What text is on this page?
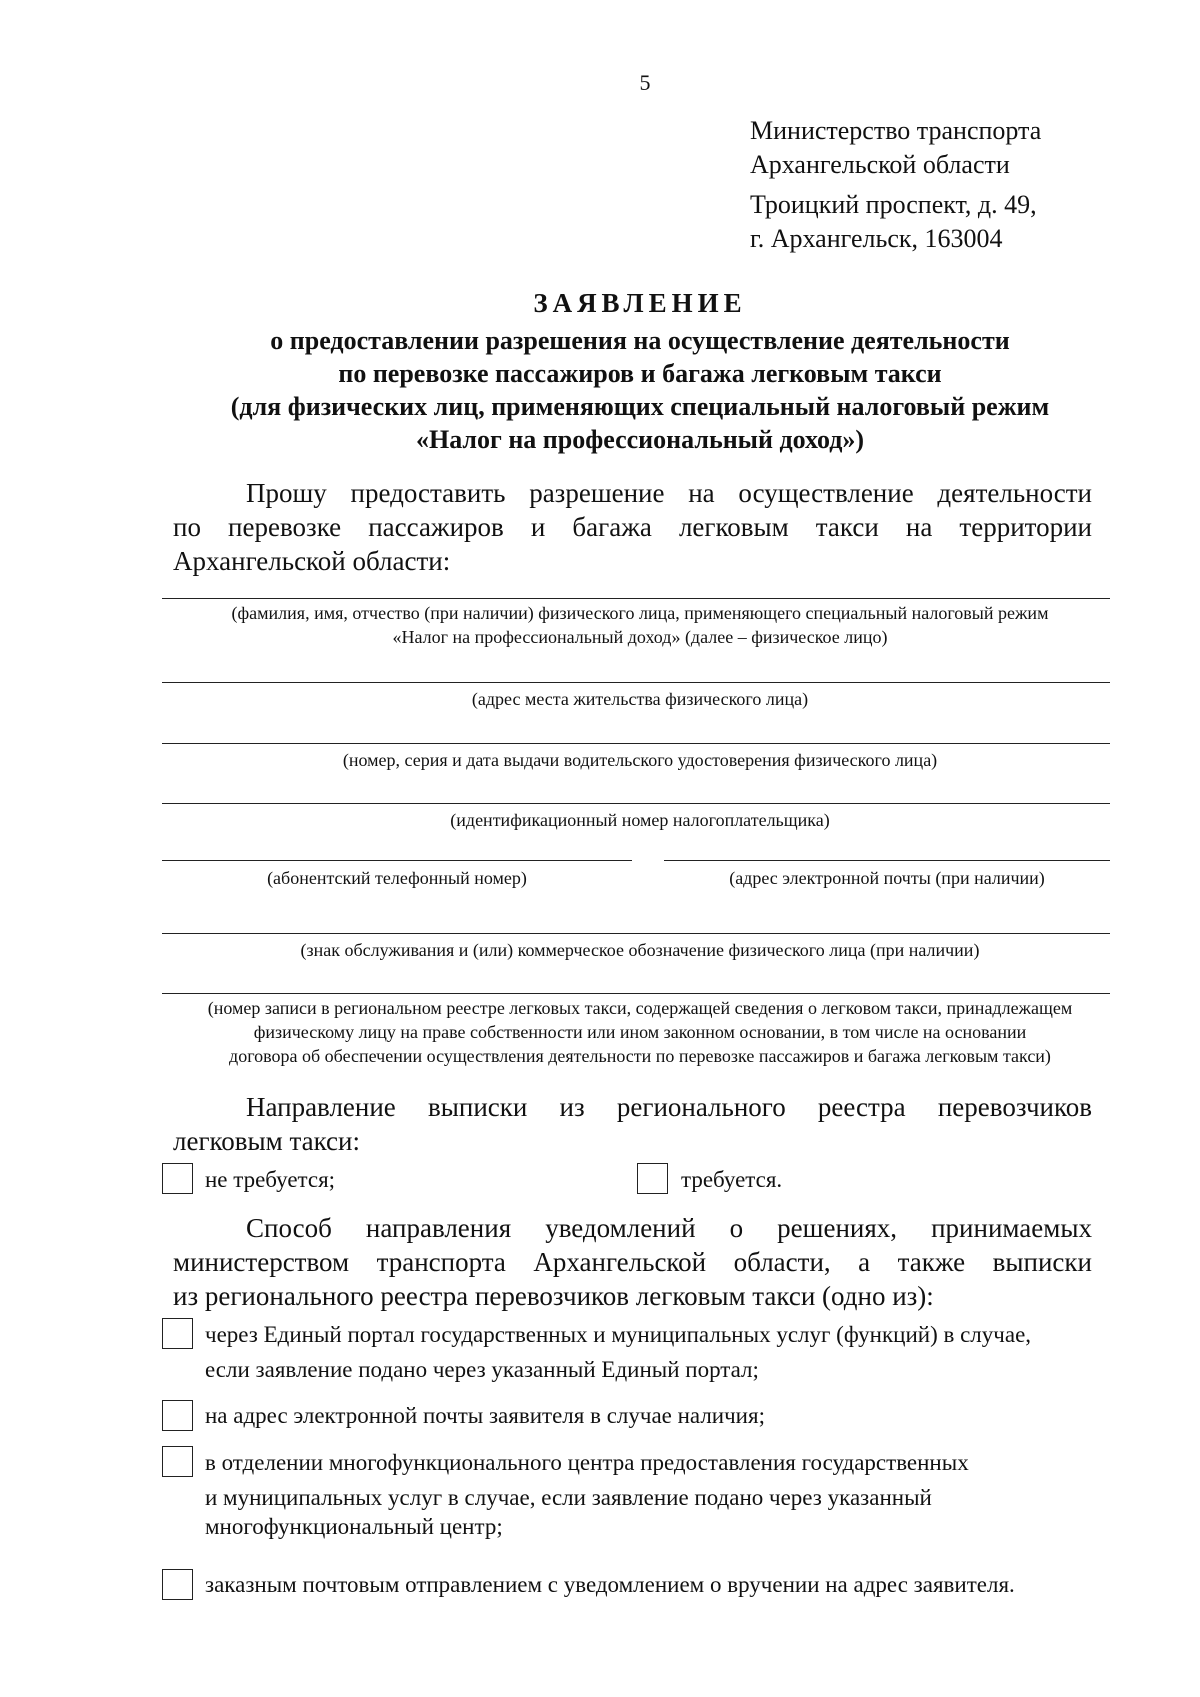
5
Министерство транспорта
Архангельской области
Троицкий проспект, д. 49,
г. Архангельск, 163004
ЗАЯВЛЕНИЕ
о предоставлении разрешения на осуществление деятельности
по перевозке пассажиров и багажа легковым такси
(для физических лиц, применяющих специальный налоговый режим
«Налог на профессиональный доход»)
Прошу предоставить разрешение на осуществление деятельности
по перевозке пассажиров и багажа легковым такси на территории
Архангельской области:
(фамилия, имя, отчество (при наличии) физического лица, применяющего специальный налоговый режим
«Налог на профессиональный доход» (далее – физическое лицо)
(адрес места жительства физического лица)
(номер, серия и дата выдачи водительского удостоверения физического лица)
(идентификационный номер налогоплательщика)
(абонентский телефонный номер)	(адрес электронной почты (при наличии)
(знак обслуживания и (или) коммерческое обозначение физического лица (при наличии)
(номер записи в региональном реестре легковых такси, содержащей сведения о легковом такси, принадлежащем
физическому лицу на праве собственности или ином законном основании, в том числе на основании
договора об обеспечении осуществления деятельности по перевозке пассажиров и багажа легковым такси)
Направление выписки из регионального реестра перевозчиков
легковым такси:
не требуется;	требуется.
Способ направления уведомлений о решениях, принимаемых
министерством транспорта Архангельской области, а также выписки
из регионального реестра перевозчиков легковым такси (одно из):
через Единый портал государственных и муниципальных услуг (функций) в случае,
если заявление подано через указанный Единый портал;
на адрес электронной почты заявителя в случае наличия;
в отделении многофункционального центра предоставления государственных
и муниципальных услуг в случае, если заявление подано через указанный
многофункциональный центр;
заказным почтовым отправлением с уведомлением о вручении на адрес заявителя.
